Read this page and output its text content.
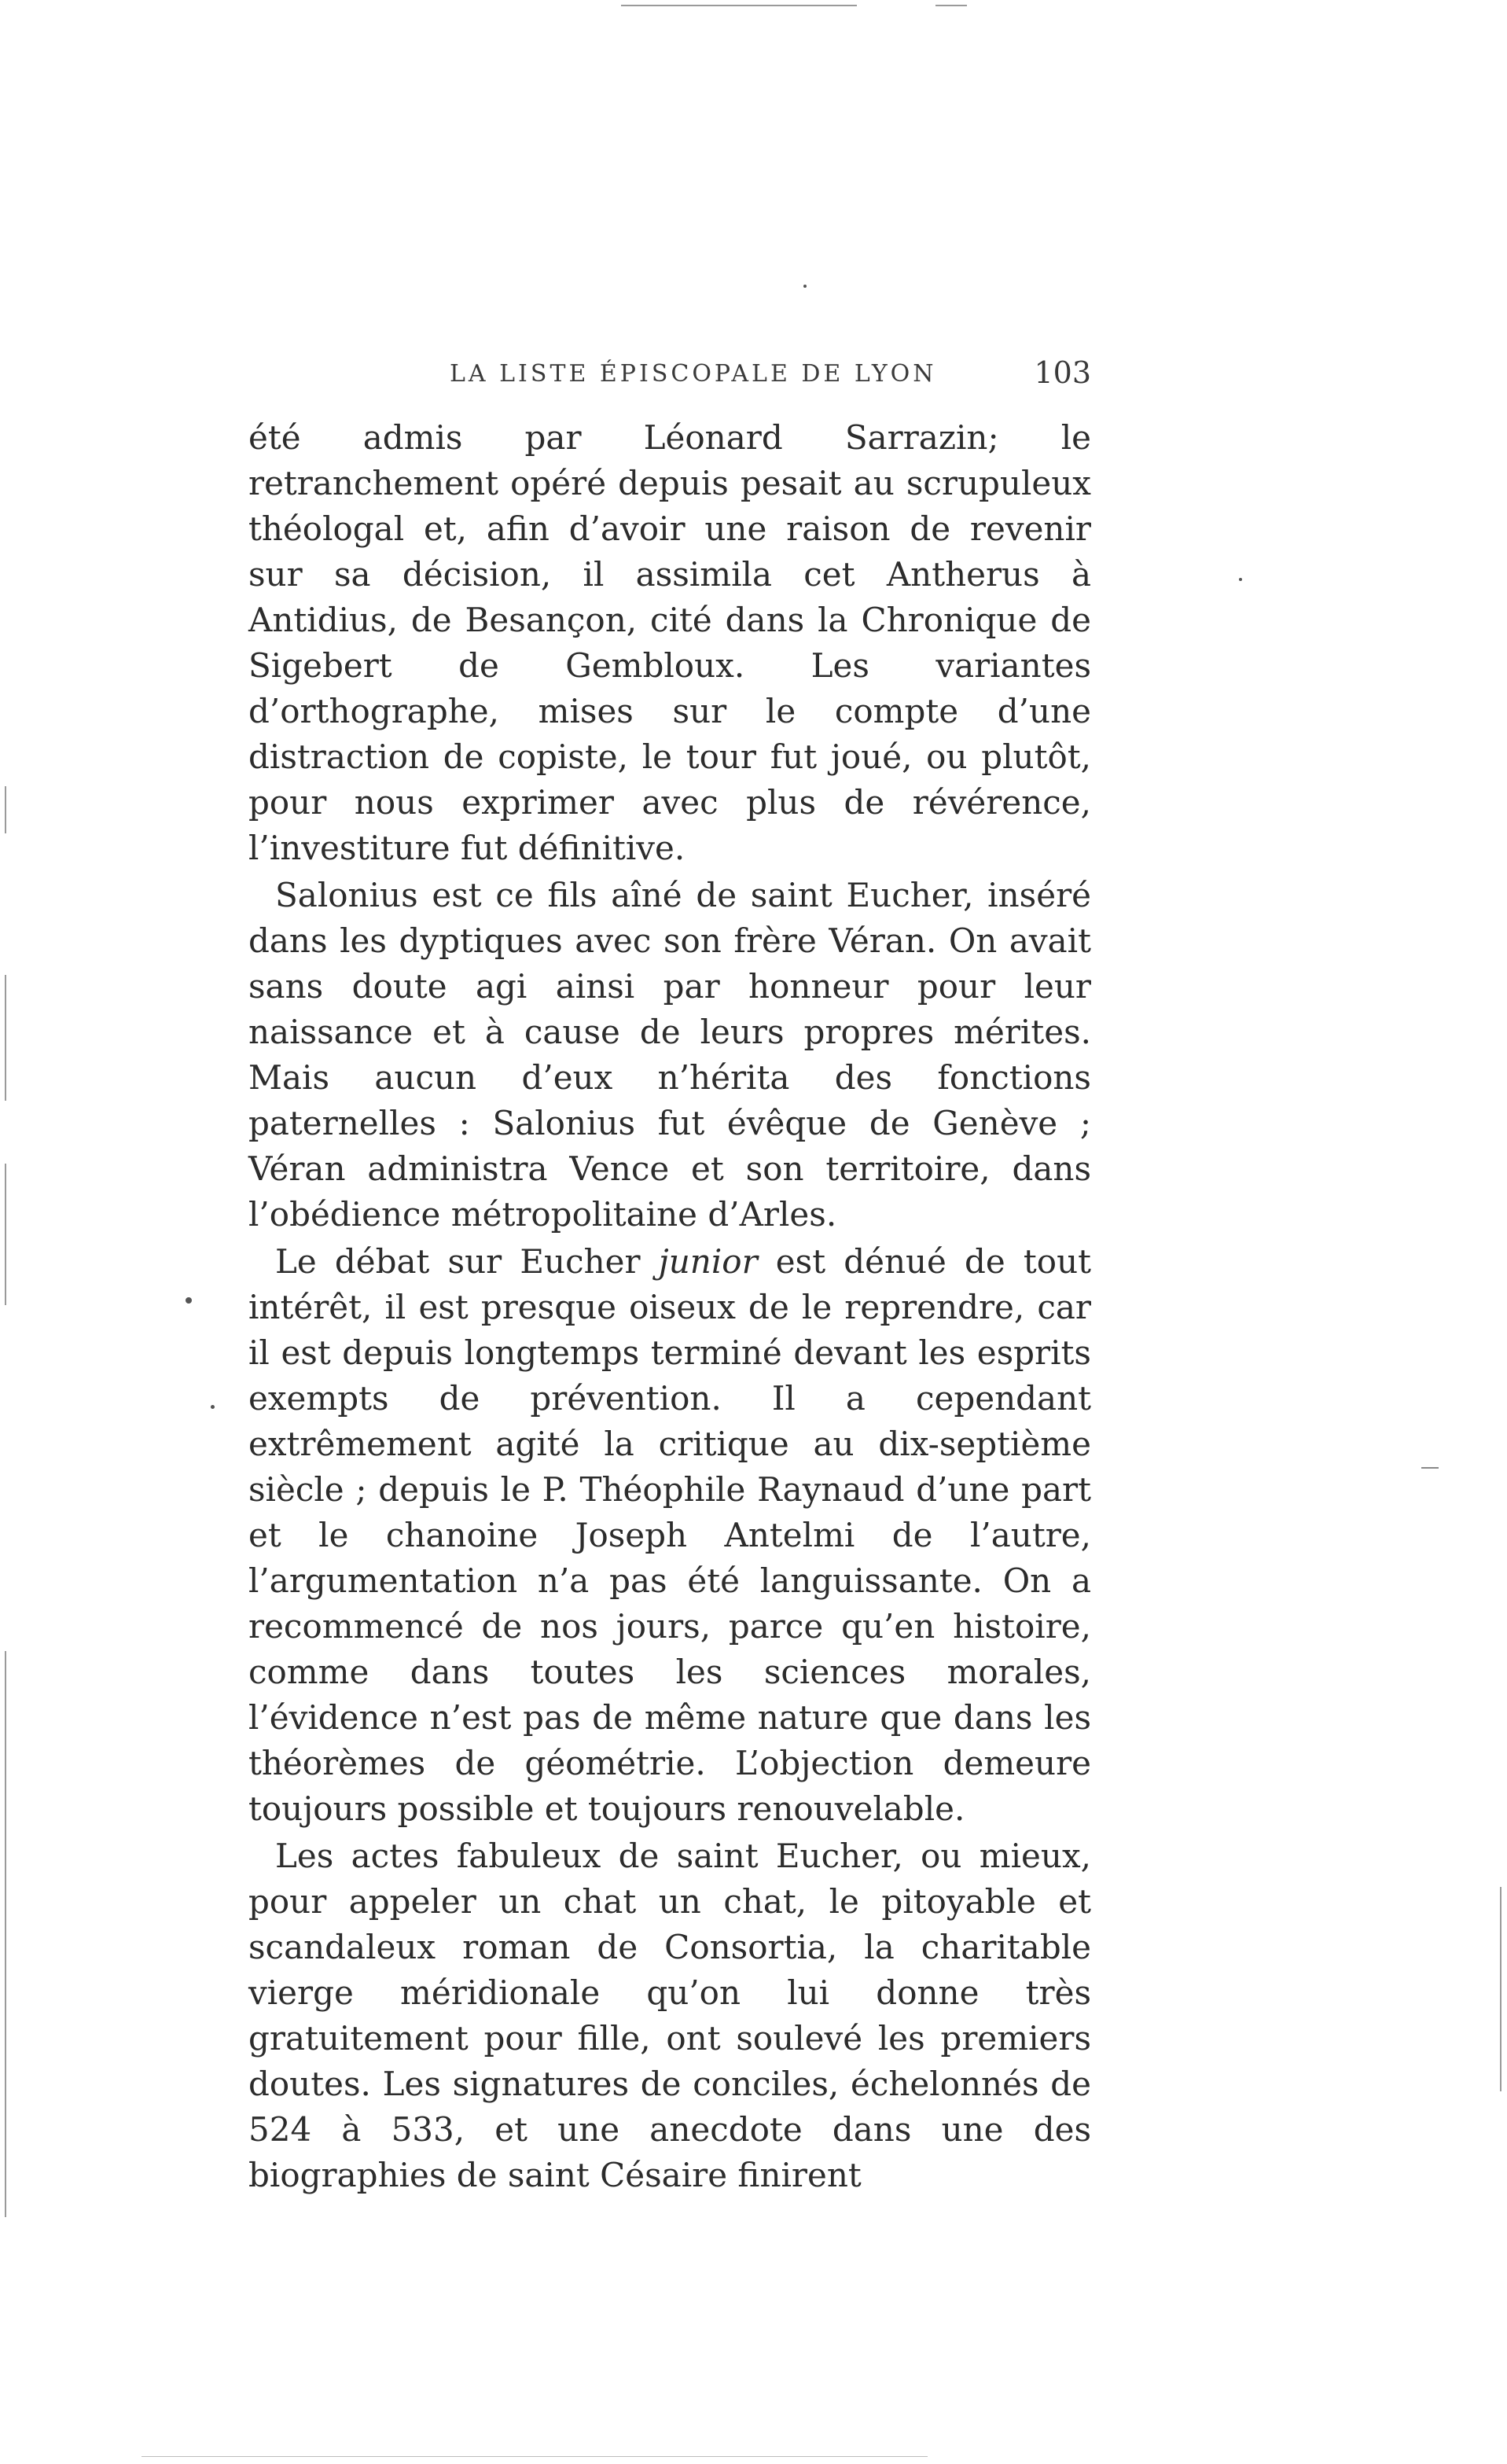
LA LISTE ÉPISCOPALE DE LYON	103

été admis par Léonard Sarrazin; le retranchement opéré depuis pesait au scrupuleux théologal et, afin d’avoir une raison de revenir sur sa décision, il assimila cet Antherus à Antidius, de Besançon, cité dans la Chronique de Sigebert de Gembloux. Les variantes d’orthographe, mises sur le compte d’une distraction de copiste, le tour fut joué, ou plutôt, pour nous exprimer avec plus de révérence, l’investiture fut définitive.

Salonius est ce fils aîné de saint Eucher, inséré dans les dyptiques avec son frère Véran. On avait sans doute agi ainsi par honneur pour leur naissance et à cause de leurs propres mérites. Mais aucun d’eux n’hérita des fonctions paternelles : Salonius fut évêque de Genève ; Véran administra Vence et son territoire, dans l’obédience métropolitaine d’Arles.

Le débat sur Eucher junior est dénué de tout intérêt, il est presque oiseux de le reprendre, car il est depuis longtemps terminé devant les esprits exempts de prévention. Il a cependant extrêmement agité la critique au dix-septième siècle ; depuis le P. Théophile Raynaud d’une part et le chanoine Joseph Antelmi de l’autre, l’argumentation n’a pas été languissante. On a recommencé de nos jours, parce qu’en histoire, comme dans toutes les sciences morales, l’évidence n’est pas de même nature que dans les théorèmes de géométrie. L’objection demeure toujours possible et toujours renouvelable.

Les actes fabuleux de saint Eucher, ou mieux, pour appeler un chat un chat, le pitoyable et scandaleux roman de Consortia, la charitable vierge méridionale qu’on lui donne très gratuitement pour fille, ont soulevé les premiers doutes. Les signatures de conciles, échelonnés de 524 à 533, et une anecdote dans une des biographies de saint Césaire finirent
